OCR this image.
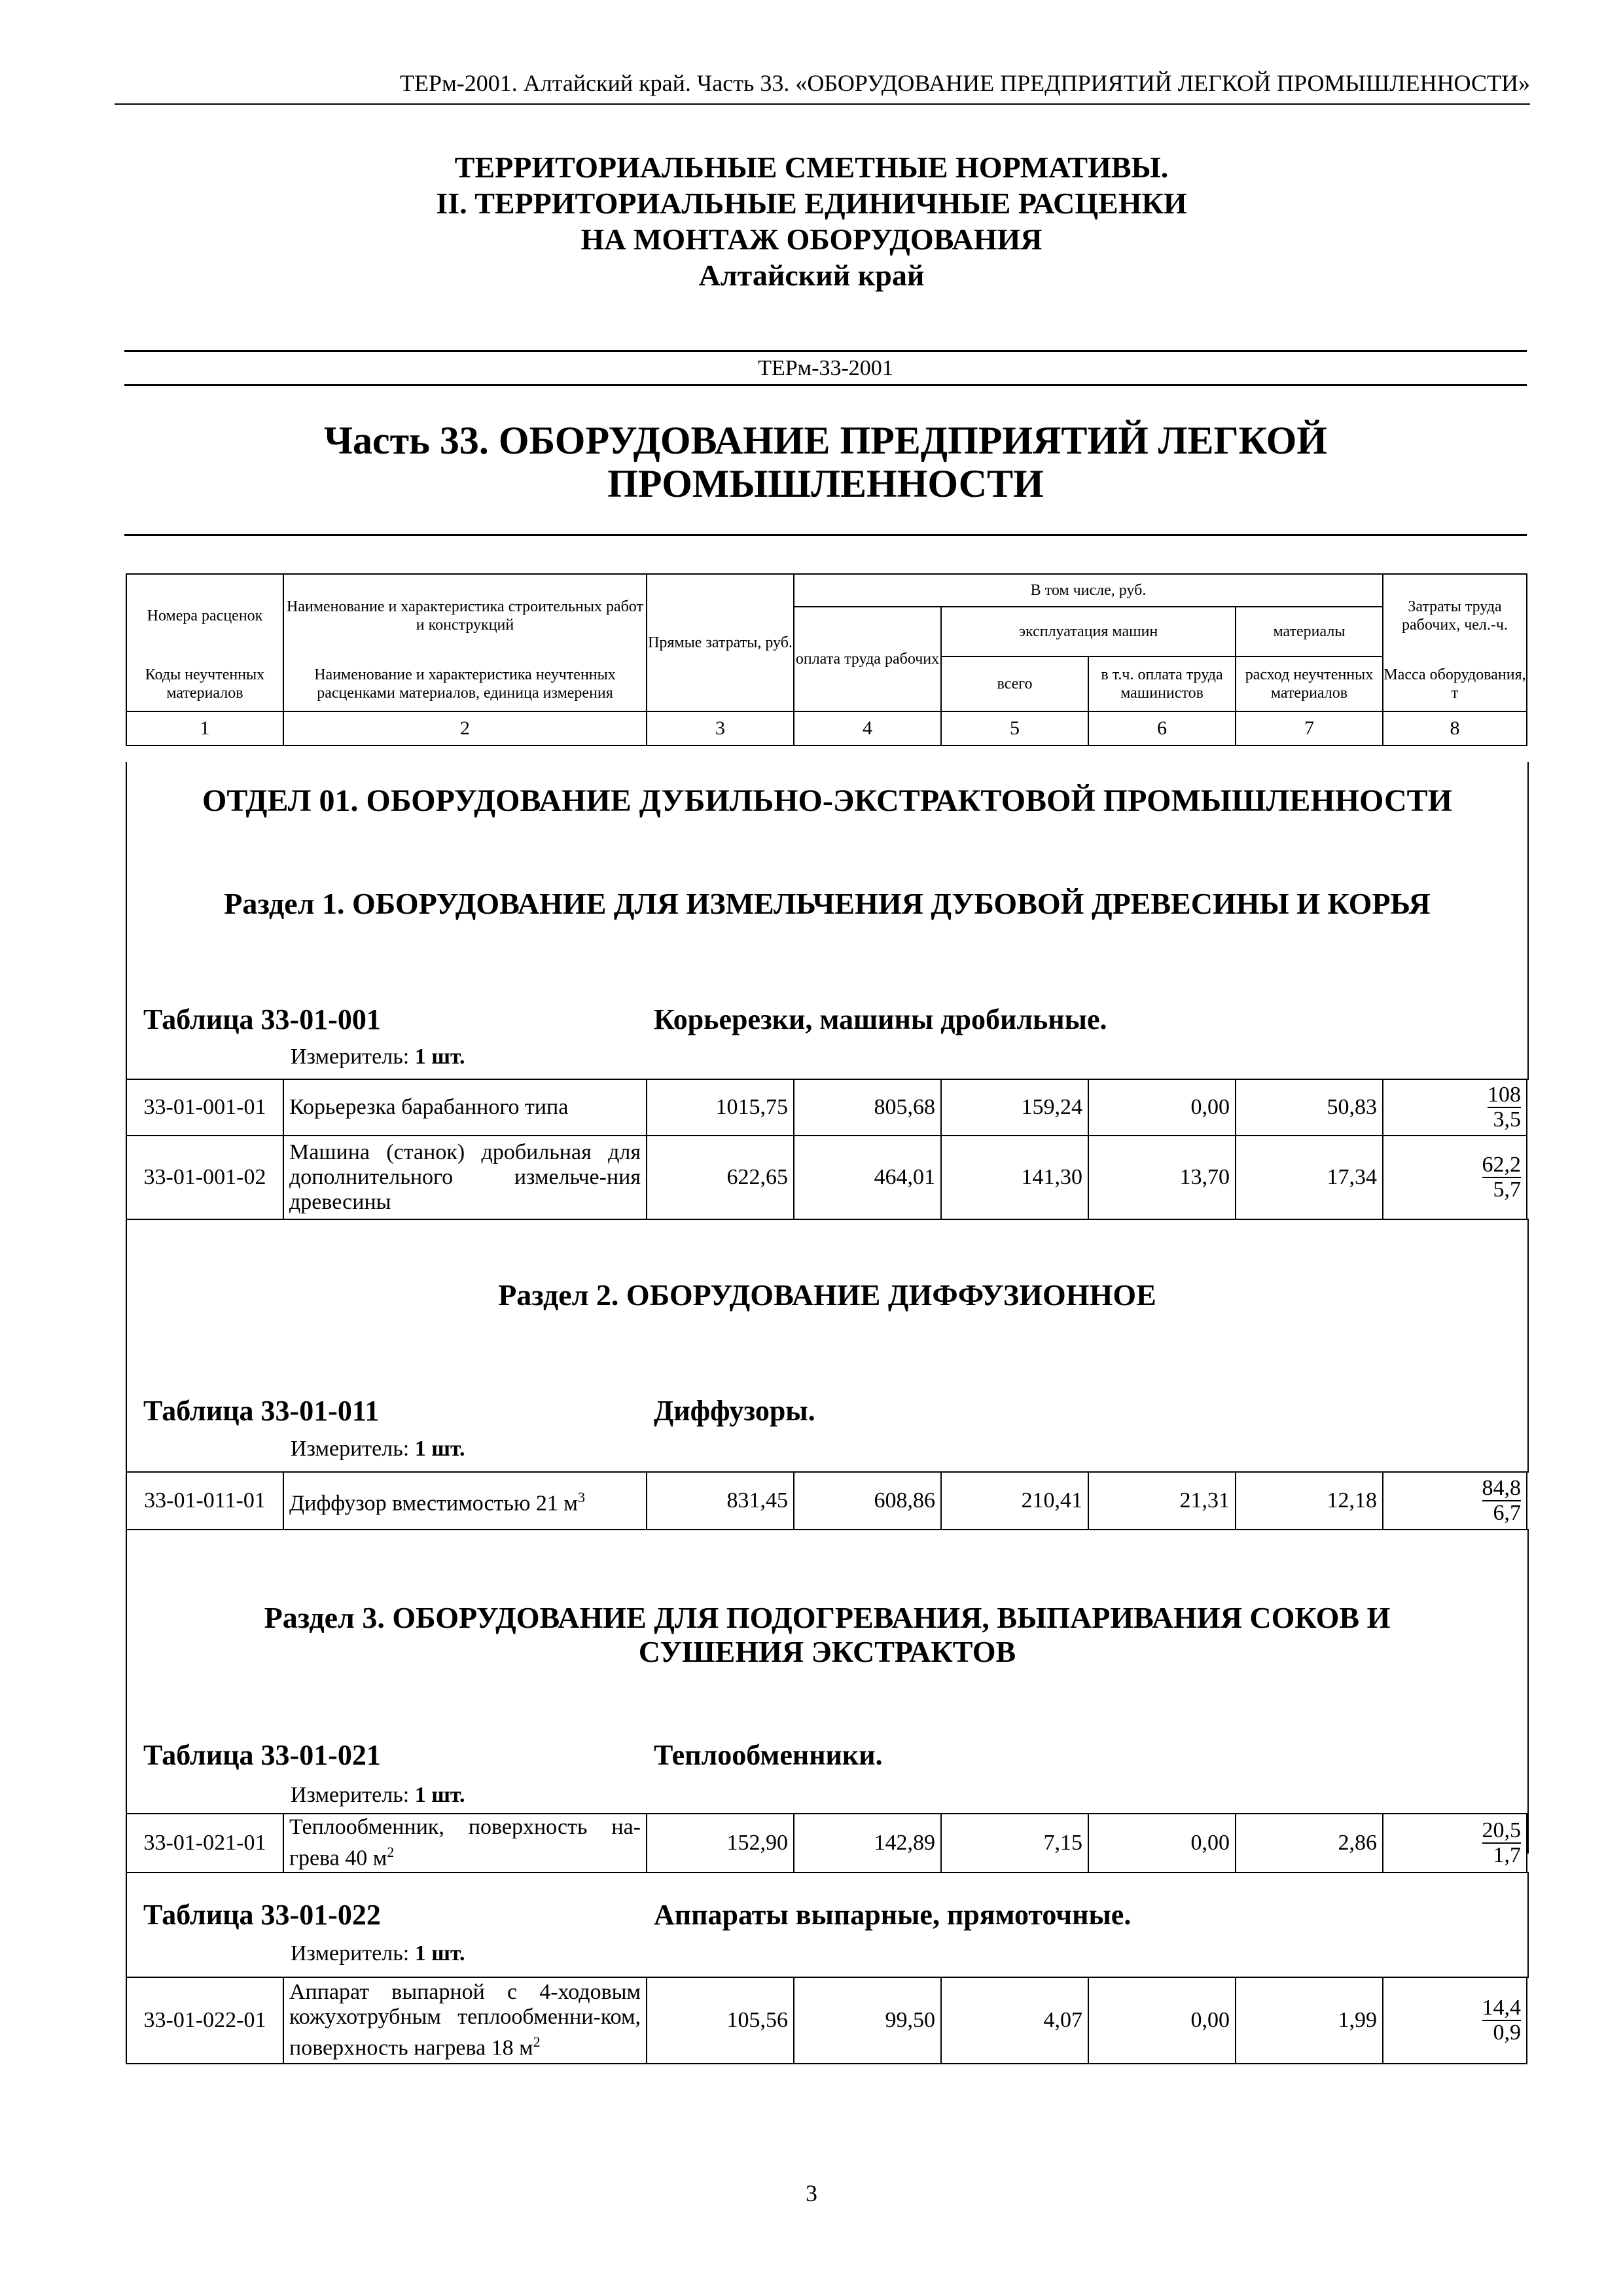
ТЕРм-2001. Алтайский край. Часть 33. «ОБОРУДОВАНИЕ ПРЕДПРИЯТИЙ ЛЕГКОЙ ПРОМЫШЛЕННОСТИ»
ТЕРРИТОРИАЛЬНЫЕ СМЕТНЫЕ НОРМАТИВЫ.
II. ТЕРРИТОРИАЛЬНЫЕ ЕДИНИЧНЫЕ РАСЦЕНКИ
НА МОНТАЖ ОБОРУДОВАНИЯ
Алтайский край
ТЕРм-33-2001
Часть 33. ОБОРУДОВАНИЕ ПРЕДПРИЯТИЙ ЛЕГКОЙ
ПРОМЫШЛЕННОСТИ
Номера расценок	Наименование и характеристика строительных работ и конструкций	Прямые затраты, руб.	В том числе, руб.				Затраты труда рабочих, чел.-ч.
			оплата труда рабочих	эксплуатация машин		материалы	
Коды неучтенных материалов	Наименование и характеристика неучтенных расценками материалов, единица измерения			всего	в т.ч. оплата труда машинистов	расход неучтенных материалов	Масса оборудования, т
1	2	3	4	5	6	7	8
ОТДЕЛ 01. ОБОРУДОВАНИЕ ДУБИЛЬНО-ЭКСТРАКТОВОЙ ПРОМЫШЛЕННОСТИ
Раздел 1. ОБОРУДОВАНИЕ ДЛЯ ИЗМЕЛЬЧЕНИЯ ДУБОВОЙ ДРЕВЕСИНЫ И КОРЬЯ
Таблица 33-01-001	Корьерезки, машины дробильные.
Измеритель: 1 шт.
33-01-001-01	Корьерезка барабанного типа	1015,75	805,68	159,24	0,00	50,83	$\frac{108}{3,5}$

33-01-001-02	Машина (станок) дробильная для дополнительного измельче-ния древесины	622,65	464,01	141,30	13,70	17,34	$\frac{62,2}{5,7}$
Раздел 2. ОБОРУДОВАНИЕ ДИФФУЗИОННОЕ
Таблица 33-01-011	Диффузоры.
Измеритель: 1 шт.
33-01-011-01	Диффузор вместимостью 21 $м^3$	831,45	608,86	210,41	21,31	12,18	$\frac{84,8}{6,7}$
Раздел 3. ОБОРУДОВАНИЕ ДЛЯ ПОДОГРЕВАНИЯ, ВЫПАРИВАНИЯ СОКОВ И
СУШЕНИЯ ЭКСТРАКТОВ
Таблица 33-01-021	Теплообменники.
Измеритель: 1 шт.
33-01-021-01	Теплообменник, поверхность на-грева 40 $м^2$	152,90	142,89	7,15	0,00	2,86	$\frac{20,5}{1,7}$
Таблица 33-01-022	Аппараты выпарные, прямоточные.
Измеритель: 1 шт.
33-01-022-01	Аппарат выпарной с 4-ходовым кожухотрубным теплообменни-ком, поверхность нагрева 18 $м^2$	105,56	99,50	4,07	0,00	1,99	$\frac{14,4}{0,9}$
3
